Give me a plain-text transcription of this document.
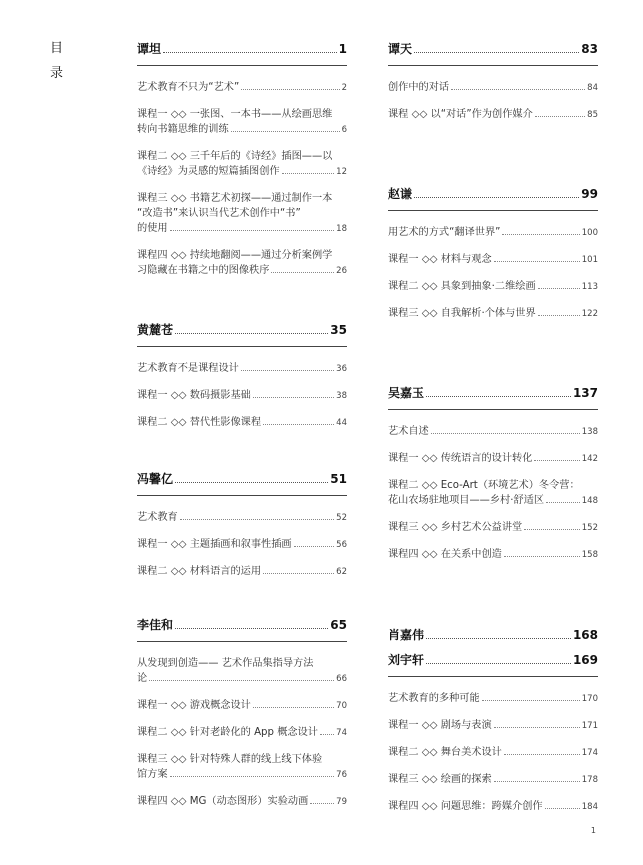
目
录
谭坦	1
艺术教育不只为“艺术”	2
课程一 ◇◇ 一张图、一本书——从绘画思维
转向书籍思维的训练	6
课程二 ◇◇ 三千年后的《诗经》插图——以
《诗经》为灵感的短篇插图创作	12
课程三 ◇◇ 书籍艺术初探——通过制作一本
“改造书”来认识当代艺术创作中“书”
的使用	18
课程四 ◇◇ 持续地翻阅——通过分析案例学
习隐藏在书籍之中的图像秩序	26
黄麓苍	35
艺术教育不是课程设计	36
课程一 ◇◇ 数码摄影基础	38
课程二 ◇◇ 替代性影像课程	44
冯馨亿	51
艺术教育	52
课程一 ◇◇ 主题插画和叙事性插画	56
课程二 ◇◇ 材料语言的运用	62
李佳和	65
从发现到创造—— 艺术作品集指导方法
论	66
课程一 ◇◇ 游戏概念设计	70
课程二 ◇◇ 针对老龄化的 App 概念设计 74
课程三 ◇◇ 针对特殊人群的线上线下体验
馆方案	76
课程四 ◇◇ MG（动态图形）实验动画	79
谭天	83
创作中的对话	84
课程 ◇◇ 以“对话”作为创作媒介	85
赵谦	99
用艺术的方式“翻译世界”	100
课程一 ◇◇ 材料与观念	101
课程二 ◇◇ 具象到抽象·二维绘画	113
课程三 ◇◇ 自我解析·个体与世界	122
吴嘉玉	137
艺术自述	138
课程一 ◇◇ 传统语言的设计转化	142
课程二 ◇◇ Eco-Art（环境艺术）冬令营：
花山农场驻地项目——乡村·舒适区	148
课程三 ◇◇ 乡村艺术公益讲堂	152
课程四 ◇◇ 在关系中创造	158
肖嘉伟	168
刘宇轩	169
艺术教育的多种可能	170
课程一 ◇◇ 剧场与表演	171
课程二 ◇◇ 舞台美术设计	174
课程三 ◇◇ 绘画的探索	178
课程四 ◇◇ 问题思维：跨媒介创作	184
1
